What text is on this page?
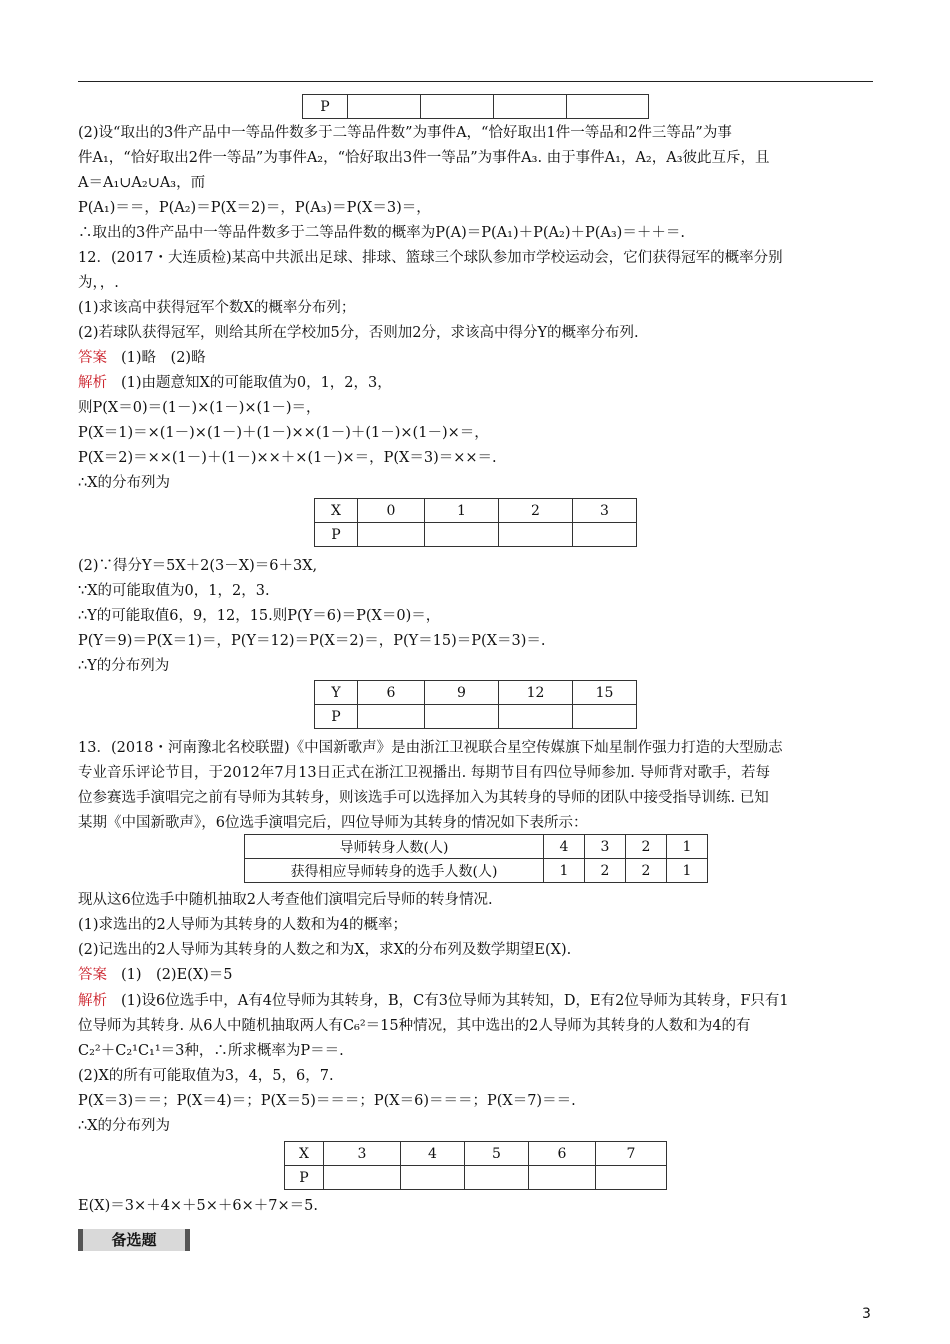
P				
(2)设“取出的3件产品中一等品件数多于二等品件数”为事件A，“恰好取出1件一等品和2件三等品”为事
件A₁，“恰好取出2件一等品”为事件A₂，“恰好取出3件一等品”为事件A₃. 由于事件A₁，A₂，A₃彼此互斥，且
A＝A₁∪A₂∪A₃，而
P(A₁)＝＝，P(A₂)＝P(X＝2)＝，P(A₃)＝P(X＝3)＝，
∴取出的3件产品中一等品件数多于二等品件数的概率为P(A)＝P(A₁)＋P(A₂)＋P(A₃)＝＋＋＝.
12．(2017・大连质检)某高中共派出足球、排球、篮球三个球队参加市学校运动会，它们获得冠军的概率分别
为，，.
(1)求该高中获得冠军个数X的概率分布列；
(2)若球队获得冠军，则给其所在学校加5分，否则加2分，求该高中得分Y的概率分布列.
答案 (1)略　(2)略
解析 (1)由题意知X的可能取值为0，1，2，3，
则P(X＝0)＝(1－)×(1－)×(1－)＝，
P(X＝1)＝×(1－)×(1－)＋(1－)××(1－)＋(1－)×(1－)×＝，
P(X＝2)＝××(1－)＋(1－)××＋×(1－)×＝，P(X＝3)＝××＝.
∴X的分布列为
X	0	1	2	3
P				
(2)∵得分Y＝5X＋2(3－X)＝6＋3X,
∵X的可能取值为0，1，2，3.
∴Y的可能取值6，9，12，15.则P(Y＝6)＝P(X＝0)＝，
P(Y＝9)＝P(X＝1)＝，P(Y＝12)＝P(X＝2)＝，P(Y＝15)＝P(X＝3)＝.
∴Y的分布列为
Y	6	9	12	15
P				
13．(2018・河南豫北名校联盟)《中国新歌声》是由浙江卫视联合星空传媒旗下灿星制作强力打造的大型励志
专业音乐评论节目，于2012年7月13日正式在浙江卫视播出. 每期节目有四位导师参加. 导师背对歌手，若每
位参赛选手演唱完之前有导师为其转身，则该选手可以选择加入为其转身的导师的团队中接受指导训练. 已知
某期《中国新歌声》，6位选手演唱完后，四位导师为其转身的情况如下表所示：
导师转身人数(人)	4	3	2	1
获得相应导师转身的选手人数(人)	1	2	2	1
现从这6位选手中随机抽取2人考查他们演唱完后导师的转身情况.
(1)求选出的2人导师为其转身的人数和为4的概率；
(2)记选出的2人导师为其转身的人数之和为X，求X的分布列及数学期望E(X).
答案 (1)　(2)E(X)＝5
解析 (1)设6位选手中，A有4位导师为其转身，B，C有3位导师为其转知，D，E有2位导师为其转身，F只有1
位导师为其转身. 从6人中随机抽取两人有C₆²＝15种情况，其中选出的2人导师为其转身的人数和为4的有
C₂²＋C₂¹C₁¹＝3种，∴所求概率为P＝＝.
(2)X的所有可能取值为3，4，5，6，7.
P(X＝3)＝＝；P(X＝4)＝；P(X＝5)＝＝＝；P(X＝6)＝＝＝；P(X＝7)＝＝.
∴X的分布列为
X	3	4	5	6	7
P					
E(X)＝3×＋4×＋5×＋6×＋7×＝5.
备选题
3
